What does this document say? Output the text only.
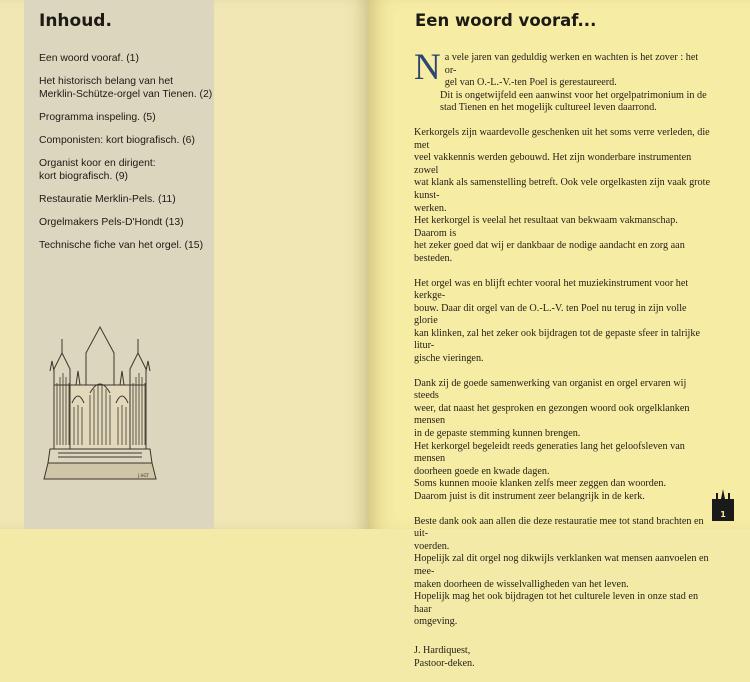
Inhoud.
Een woord vooraf. (1)
Het historisch belang van het
Merklin-Schütze-orgel van Tienen. (2)
Programma inspeling. (5)
Componisten: kort biografisch. (6)
Organist koor en dirigent:
kort biografisch. (9)
Restauratie Merklin-Pels. (11)
Orgelmakers Pels-D'Hondt (13)
Technische fiche van het orgel. (15)
J.HGT
Een woord vooraf...

N a vele jaren van geduldig werken en wachten is het zover : het or-
gel van O.-L.-V.-ten Poel is gerestaureerd.
Dit is ongetwijfeld een aanwinst voor het orgelpatrimonium in de
stad Tienen en het mogelijk cultureel leven daarrond.

Kerkorgels zijn waardevolle geschenken uit het soms verre verleden, die met
veel vakkennis werden gebouwd. Het zijn wonderbare instrumenten zowel
wat klank als samenstelling betreft. Ook vele orgelkasten zijn vaak grote kunst-
werken.
Het kerkorgel is veelal het resultaat van bekwaam vakmanschap. Daarom is
het zeker goed dat wij er dankbaar de nodige aandacht en zorg aan besteden.

Het orgel was en blijft echter vooral het muziekinstrument voor het kerkge-
bouw. Daar dit orgel van de O.-L.-V. ten Poel nu terug in zijn volle glorie
kan klinken, zal het zeker ook bijdragen tot de gepaste sfeer in talrijke litur-
gische vieringen.

Dank zij de goede samenwerking van organist en orgel ervaren wij steeds
weer, dat naast het gesproken en gezongen woord ook orgelklanken mensen
in de gepaste stemming kunnen brengen.
Het kerkorgel begeleidt reeds generaties lang het geloofsleven van mensen
doorheen goede en kwade dagen.
Soms kunnen mooie klanken zelfs meer zeggen dan woorden.
Daarom juist is dit instrument zeer belangrijk in de kerk.

Beste dank ook aan allen die deze restauratie mee tot stand brachten en uit-
voerden.
Hopelijk zal dit orgel nog dikwijls verklanken wat mensen aanvoelen en mee-
maken doorheen de wisselvalligheden van het leven.
Hopelijk mag het ook bijdragen tot het culturele leven in onze stad en haar
omgeving.

J. Hardiquest,
Pastoor-deken.

1
